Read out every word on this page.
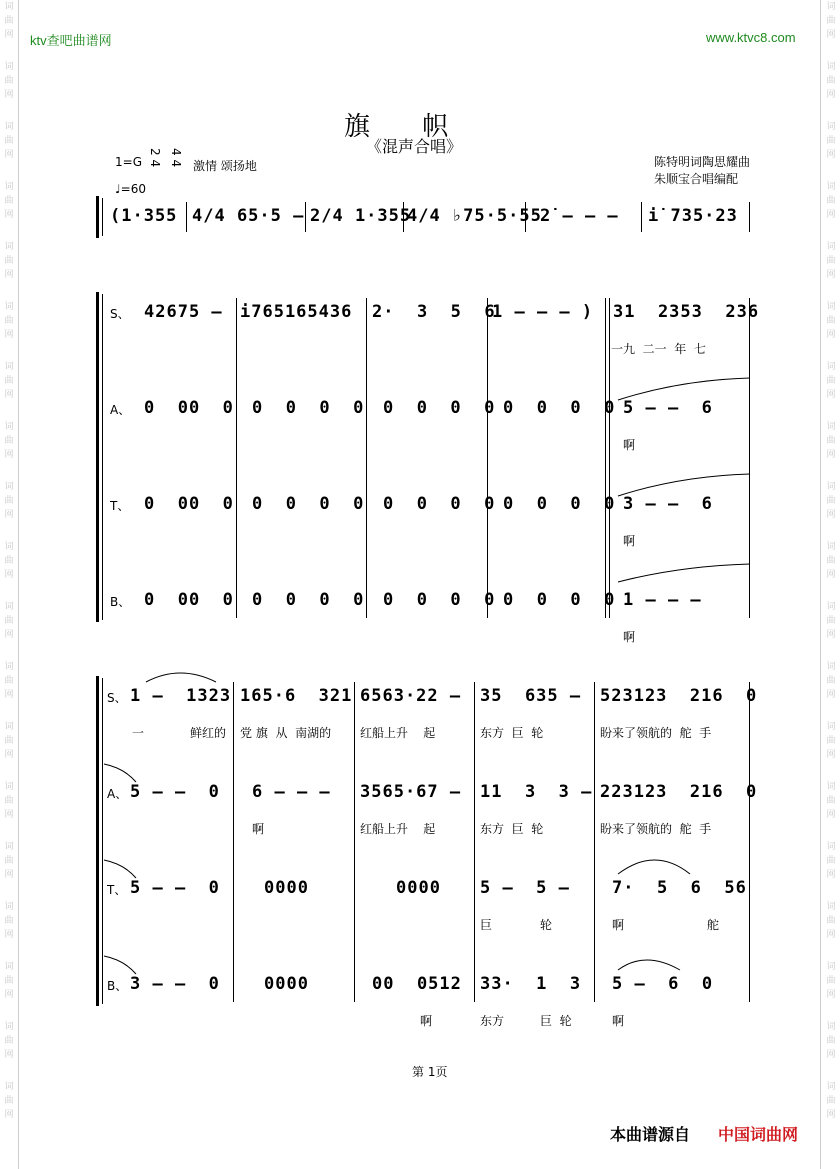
词
曲
网
词
曲
网
词
曲
网
词
曲
网
词
曲
网
词
曲
网
词
曲
网
词
曲
网
词
曲
网
词
曲
网
词
曲
网
词
曲
网
词
曲
网
词
曲
网
词
曲
网
词
曲
网
词
曲
网
词
曲
网
词
曲
网
词
曲
网
词
曲
网
词
曲
网
词
曲
网
词
曲
网
词
曲
网
词
曲
网
词
曲
网
词
曲
网
词
曲
网
词
曲
网
词
曲
网
词
曲
网
词
曲
网
词
曲
网
词
曲
网
词
曲
网
词
曲
网
词
曲
网
ktv查吧曲谱网	www.ktvc8.com
旗 帜
《混声合唱》
1=G 2 4 4 4 激情 颂扬地
♩=60
陈特明词陶思耀曲
朱顺宝合唱编配
(1·355 4/4 65·5 — 2/4 1·355
4/4 ♭75·5·55
2̇ — — — i̇ 735·23
S、
A、
T、
B、
42675 — i765165436 2·  3  5  6
1 — — — ) 31  2353  236
一九  二一  年  七
0  00  0 0  0  0  0 0  0  0  0 0  0  0  0 5 — —  6
啊
0  00  0 0  0  0  0 0  0  0  0 0  0  0  0 3 — —  6
啊
0  00  0 0  0  0  0 0  0  0  0 0  0  0  0 1 — — —
啊
S、
A、
T、
B、
1 —  1323 165·6  321 6563·22 — 35  635 — 523123  216  0
一	鲜红的 党 旗  从  南湖的 红船上升    起	东方  巨  轮	盼来了领航的  舵  手
5 — —  0 6 — — — 3565·67 — 11  3  3 — 223123  216  0
啊	红船上升    起	东方  巨  轮	盼来了领航的  舵  手
5 — —  0	0000	0000 5 —  5 — 7·  5  6  56
巨	轮	啊	舵
3 — —  0	0000	00  0512 33·  1  3 5 —  6  0
啊	东方	巨  轮	啊
第 1页
本曲谱源自 中国词曲网
